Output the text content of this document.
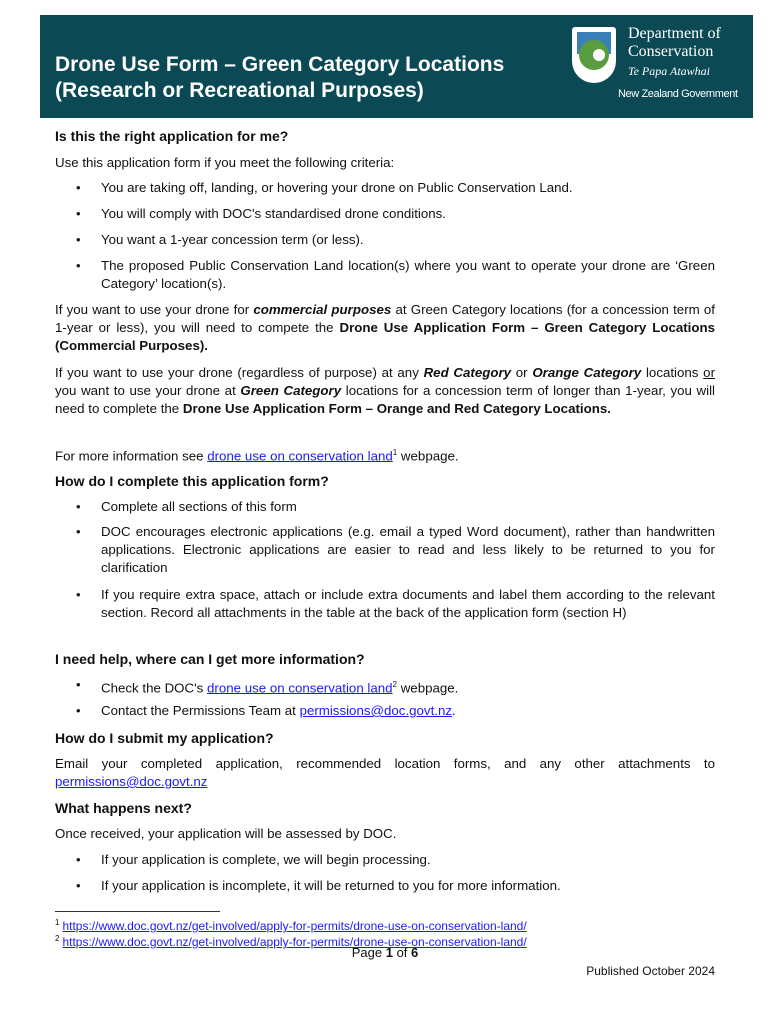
Drone Use Form – Green Category Locations
(Research or Recreational Purposes)
Department of
Conservation
Te Papa Atawhai
New Zealand Government
Is this the right application for me?
Use this application form if you meet the following criteria:
• You are taking off, landing, or hovering your drone on Public Conservation Land.
• You will comply with DOC's standardised drone conditions.
• You want a 1-year concession term (or less).
• The proposed Public Conservation Land location(s) where you want to operate your drone are ‘Green Category’ location(s).
If you want to use your drone for commercial purposes at Green Category locations (for a concession term of 1-year or less), you will need to compete the Drone Use Application Form – Green Category Locations (Commercial Purposes).
If you want to use your drone (regardless of purpose) at any Red Category or Orange Category locations or you want to use your drone at Green Category locations for a concession term of longer than 1-year, you will need to complete the Drone Use Application Form – Orange and Red Category Locations.
For more information see drone use on conservation land$^1$ webpage.
How do I complete this application form?
• Complete all sections of this form
• DOC encourages electronic applications (e.g. email a typed Word document), rather than handwritten applications. Electronic applications are easier to read and less likely to be returned to you for clarification
• If you require extra space, attach or include extra documents and label them according to the relevant section. Record all attachments in the table at the back of the application form (section H)
I need help, where can I get more information?
• Check the DOC's drone use on conservation land$^2$ webpage.
• Contact the Permissions Team at permissions@doc.govt.nz.
How do I submit my application?
Email your completed application, recommended location forms, and any other attachments to permissions@doc.govt.nz
What happens next?
Once received, your application will be assessed by DOC.
• If your application is complete, we will begin processing.
• If your application is incomplete, it will be returned to you for more information.
$^1$ https://www.doc.govt.nz/get-involved/apply-for-permits/drone-use-on-conservation-land/
$^2$ https://www.doc.govt.nz/get-involved/apply-for-permits/drone-use-on-conservation-land/
Page 1 of 6
Published October 2024
